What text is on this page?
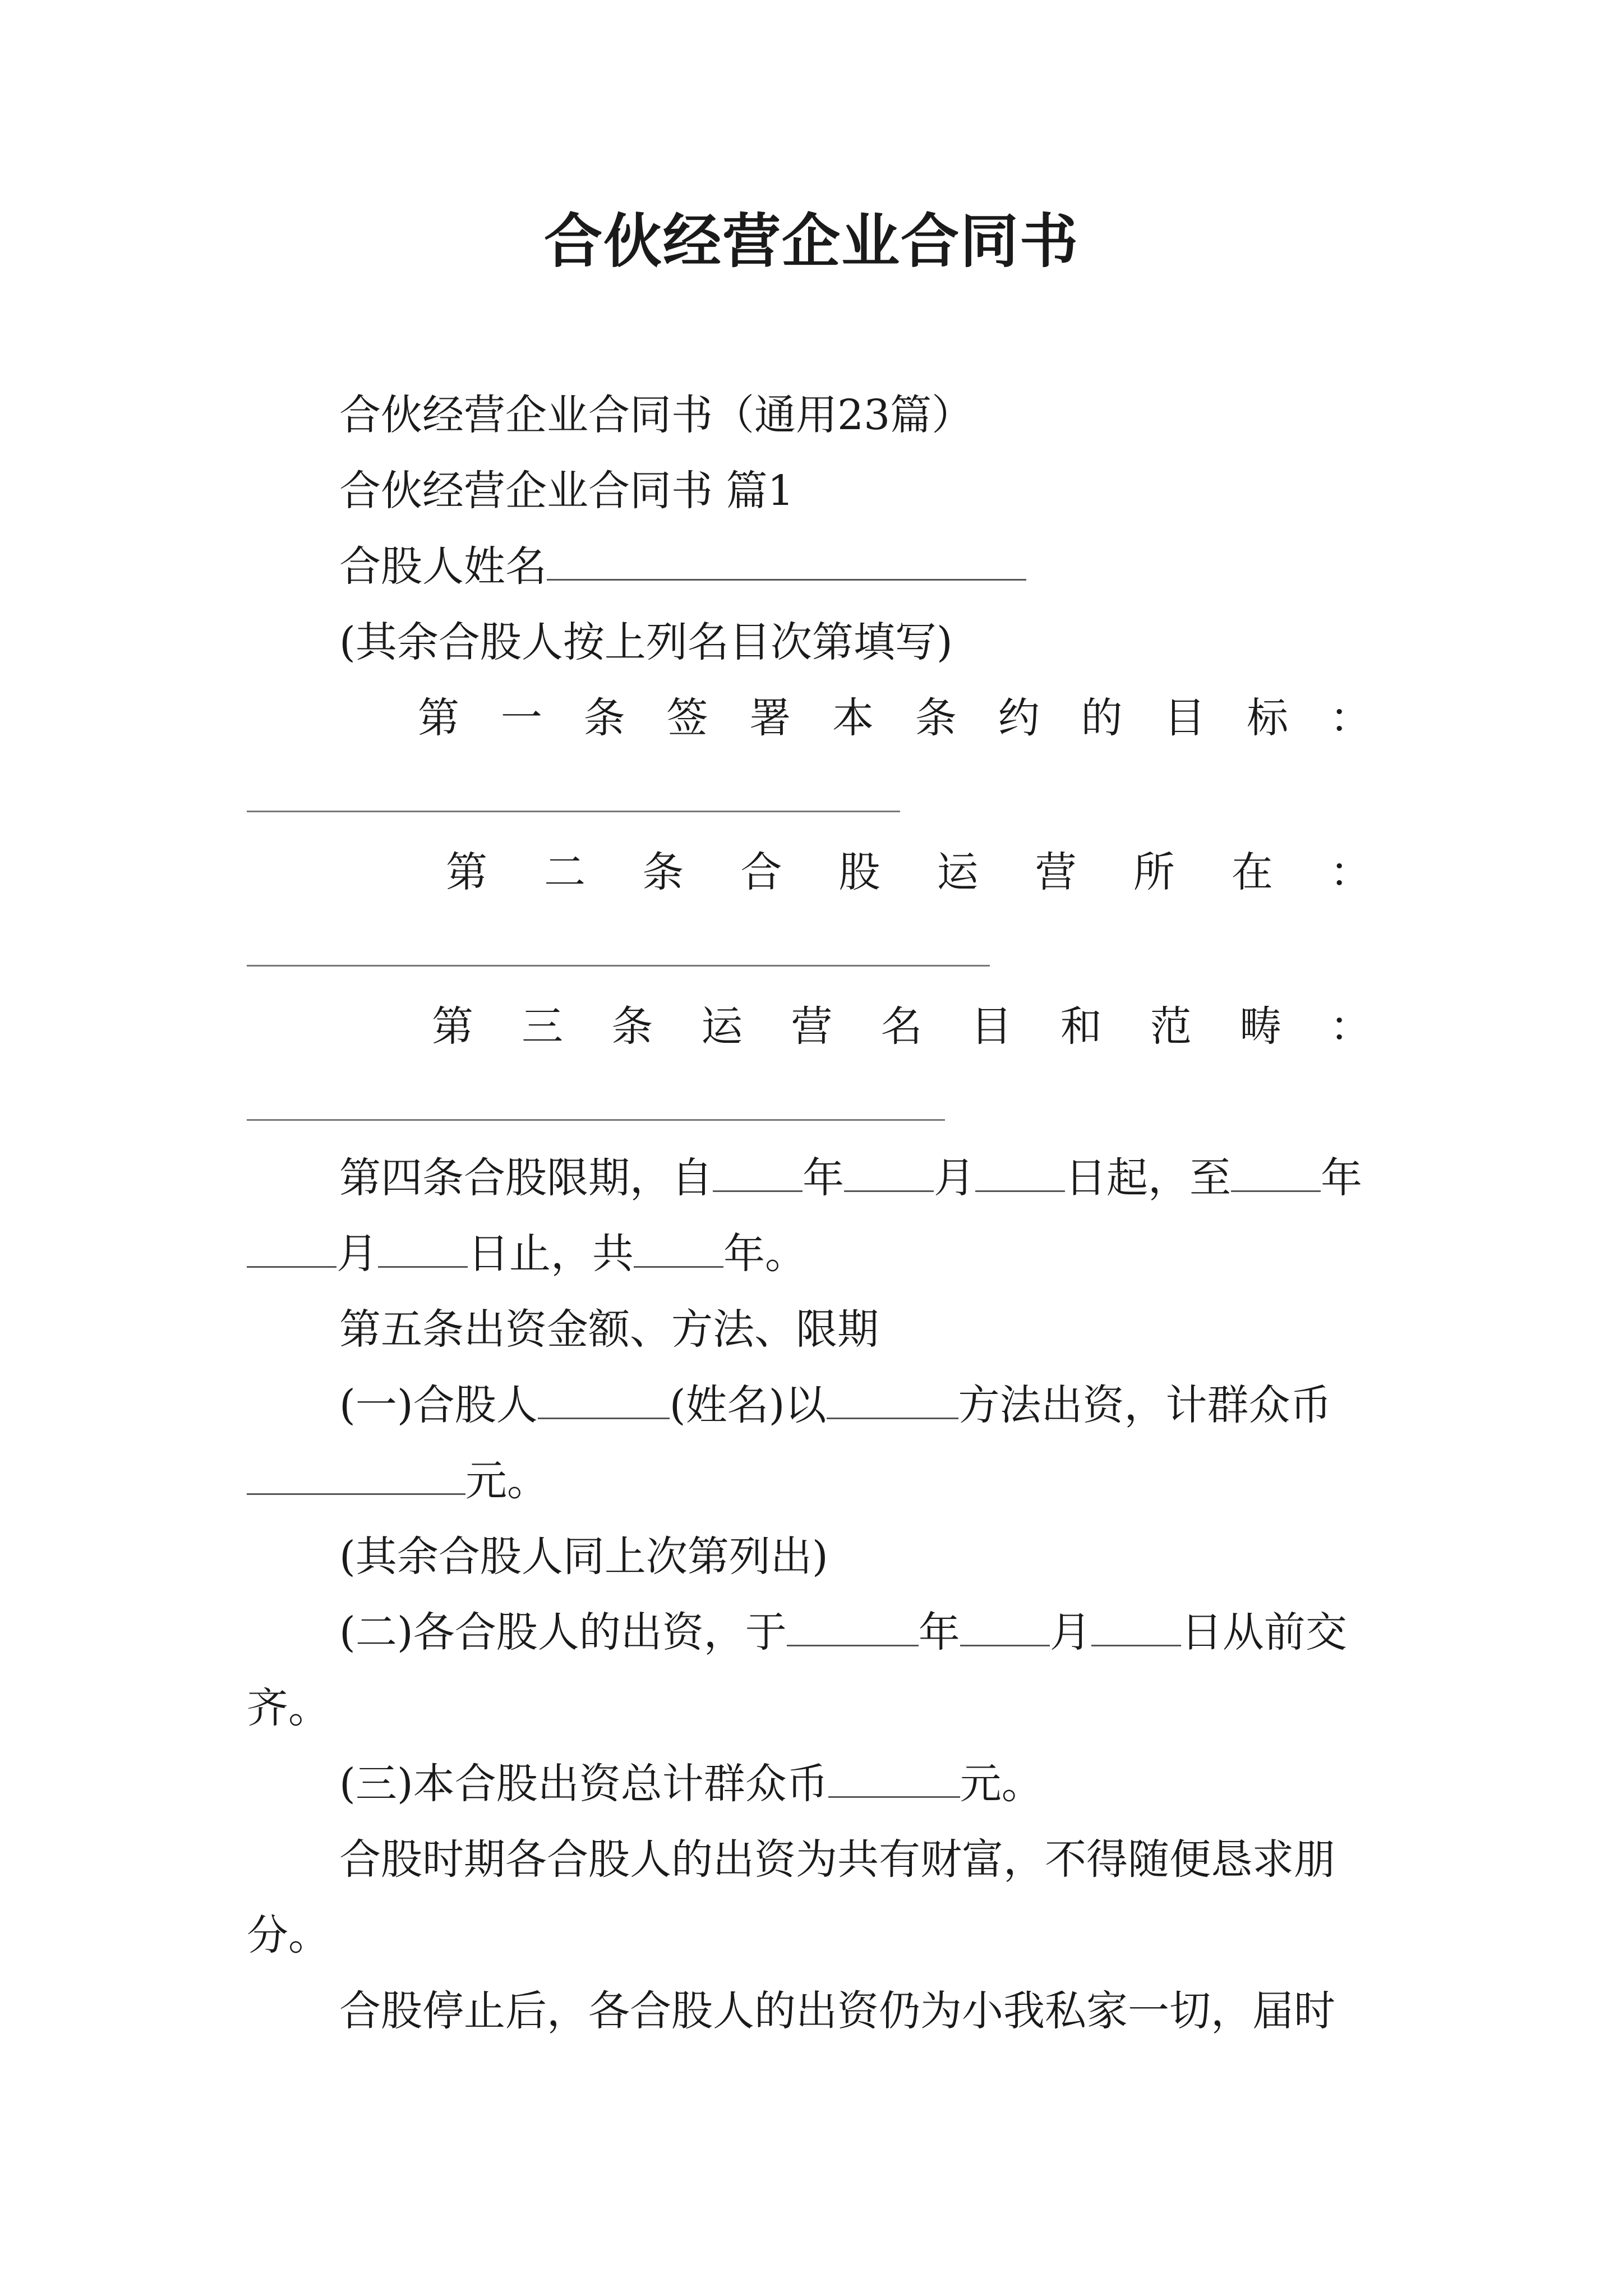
合伙经营企业合同书
合伙经营企业合同书（通用23篇）
合伙经营企业合同书 篇1
合股人姓名
(其余合股人按上列名目次第填写)
第 一 条 签 署 本 条 约 的 目 标 ：
第 二 条 合 股 运 营 所 在 ：
第 三 条 运 营 名 目 和 范 畴 ：
第四条合股限期，自 年 月 日起，至 年
月 日止，共 年。
第五条出资金额、方法、限期
(一)合股人	(姓名)以	方法出资，计群众币
元。
(其余合股人同上次第列出)
(二)各合股人的出资，于	年 月 日从前交
齐。
(三)本合股出资总计群众币	元。
合股时期各合股人的出资为共有财富，不得随便恳求朋
分。
合股停止后，各合股人的出资仍为小我私家一切，届时
